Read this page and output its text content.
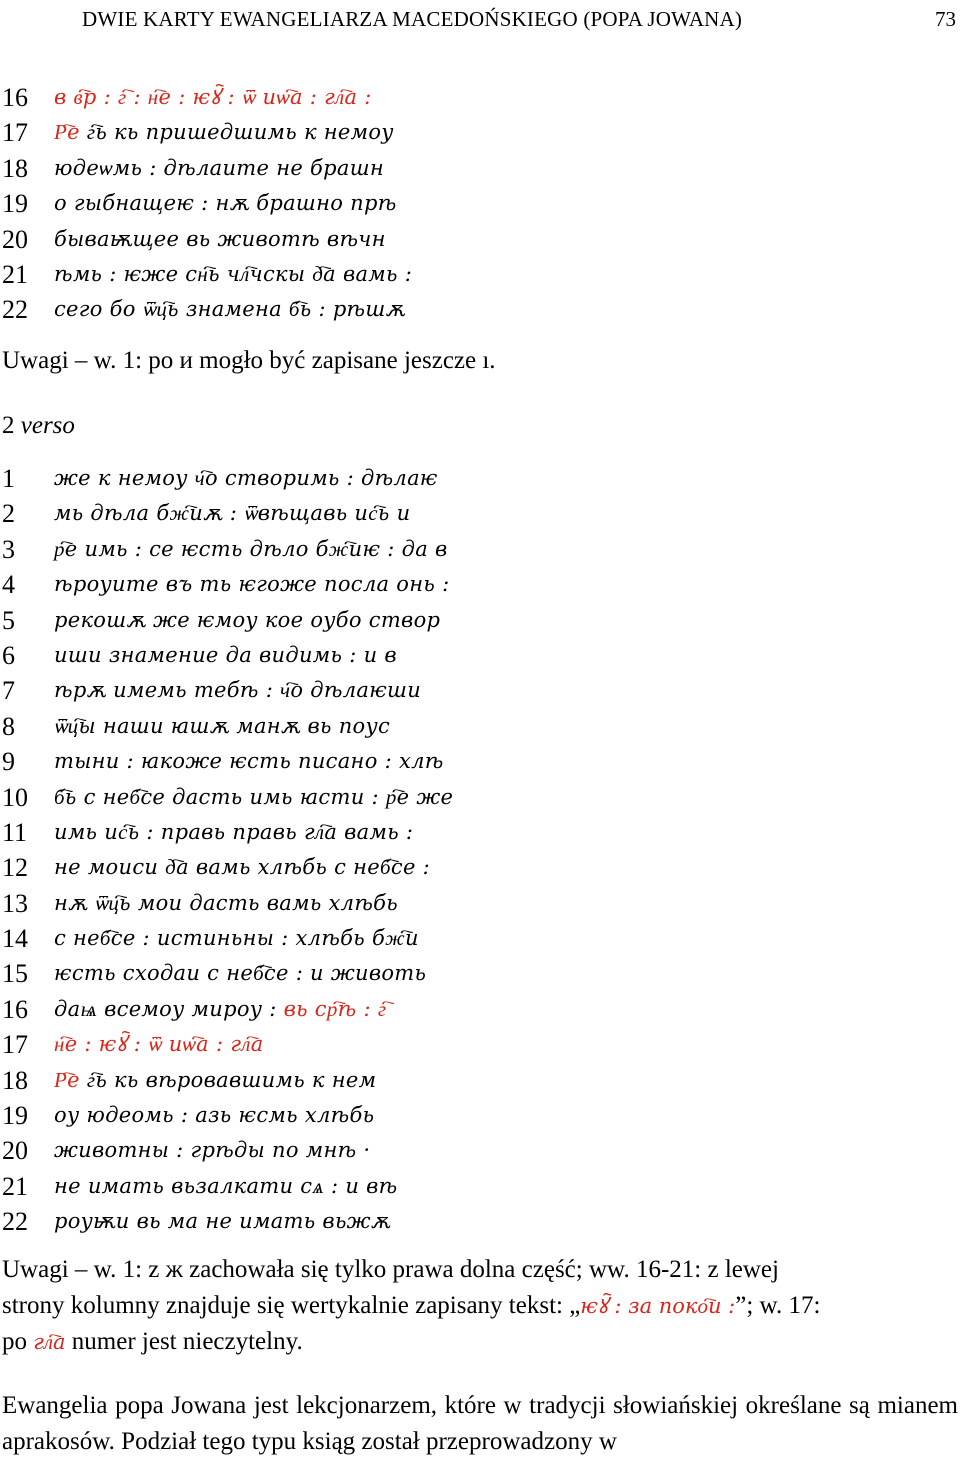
DWIE KARTY EWANGELIARZA MACEDOŃSKIEGO (POPA JOWANA)	73
16	в в҇р : г҇ : н҇е : ѥꙋ҇ : ѿ иѡ҇а : гл҇а :
17	Р҇е г҇ь кь пришедшимь к немоу
18	юдеѡмь : дѣлаите не брашн
19	о гыбнащеѥ : нѫ брашно прѣ
20	бываѭщее вь животѣ вѣчн
21	ѣмь : ѥже сн҇ь чл҇чскы д҇а вамь :
22	сего бо ѿц҇ь знамена б҇ь : рѣшѫ
Uwagi – w. 1: po и mogło być zapisane jeszcze ı.
2 verso
1	же к немоу ч҇о створимь : дѣлаѥ
2	мь дѣла бж҇иѫ : ѿвѣщавь ис҇ь и
3	р҇е имь : се ѥсть дѣло бж҇иѥ : да в
4	ѣроуите въ ть ѥгоже посла онь :
5	рекошѫ же ѥмоу кое оубо створ
6	иши знамение да видимь : и в
7	ѣрѫ имемь тебѣ : ч҇о дѣлаѥши
8	ѿц҇ы наши ꙗшѫ манѫ вь поус
9	тыни : ꙗкоже ѥсть писано : хлѣ
10	б҇ь с неб҇се дасть имь ꙗсти : р҇е же
11	имь ис҇ь : правь правь гл҇а вамь :
12	не моиси д҇а вамь хлѣбь с неб҇се :
13	нѫ ѿц҇ь мои дасть вамь хлѣбь
14	с неб҇се : истиньны : хлѣбь бж҇и
15	ѥсть сходаи с неб҇се : и животь
16	даѩ всемоу мироу : вь ср҇ѣ : г҇
17	н҇е : ѥꙋ҇ : ѿ иѡ҇а : гл҇а
18	Р҇е г҇ь кь вѣровавшимь к нем
19	оу юдеомь : азь ѥсмь хлѣбь
20	животны : грѣды по мнѣ ·
21	не имать вьзалкати сѧ : и вѣ
22	роуѭи вь ма не имать вьжѫ
Uwagi – w. 1: z ж zachowała się tylko prawa dolna część; ww. 16-21: z lewej
strony kolumny znajduje się wertykalnie zapisany tekst: „ѥꙋ҇ : за поко҇и :”; w. 17:
po гл҇а numer jest nieczytelny.
Ewangelia popa Jowana jest lekcjonarzem, które w tradycji słowiańskiej określane są mianem aprakosów. Podział tego typu ksiąg został przeprowadzony w
